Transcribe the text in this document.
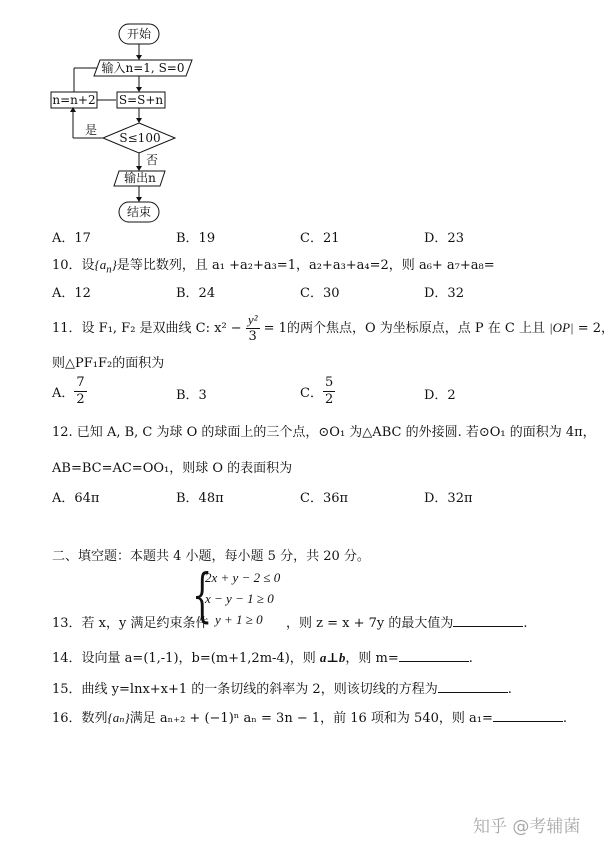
开始
输入n=1, S=0
S=S+n
S≤100
是
n=n+2
否
输出n
结束
A．17	B．19	C．21	D．23
10．设$\{a_n\}$是等比数列，且 a₁ +a₂+a₃=1，a₂+a₃+a₄=2，则 a₆+ a₇+a₈=
A．12	B．24	C．30	D．32
11．设 F₁, F₂ 是双曲线 C: $x^2 - \frac{\text{y²}}{3} = 1$的两个焦点，O 为坐标原点，点 P 在 C 上且 |OP| = 2，
则△PF₁F₂的面积为
A． $\frac{7}{2}$	B．3	C． $\frac{5}{2}$	D．2
12. 已知 A, B, C 为球 O 的球面上的三个点，⊙O₁ 为△ABC 的外接圆. 若⊙O₁ 的面积为 4π，
AB=BC=AC=OO₁，则球 O 的表面积为
A．64π	B．48π	C．36π	D．32π
二、填空题：本题共 4 小题，每小题 5 分，共 20 分。
{
2x + y − 2 ≤ 0
x − y − 1 ≥ 0
y + 1 ≥ 0
13．若 x，y 满足约束条件	，则 z = x + 7y 的最大值为	.
14．设向量 a=(1,-1)，b=(m+1,2m-4)，则 a⊥b，则 m=	.
15．曲线 y=lnx+x+1 的一条切线的斜率为 2，则该切线的方程为	.
16．数列{aₙ}满足 aₙ₊₂ + (−1)ⁿ aₙ = 3n − 1，前 16 项和为 540，则 a₁=	.
知乎 @考辅菌
